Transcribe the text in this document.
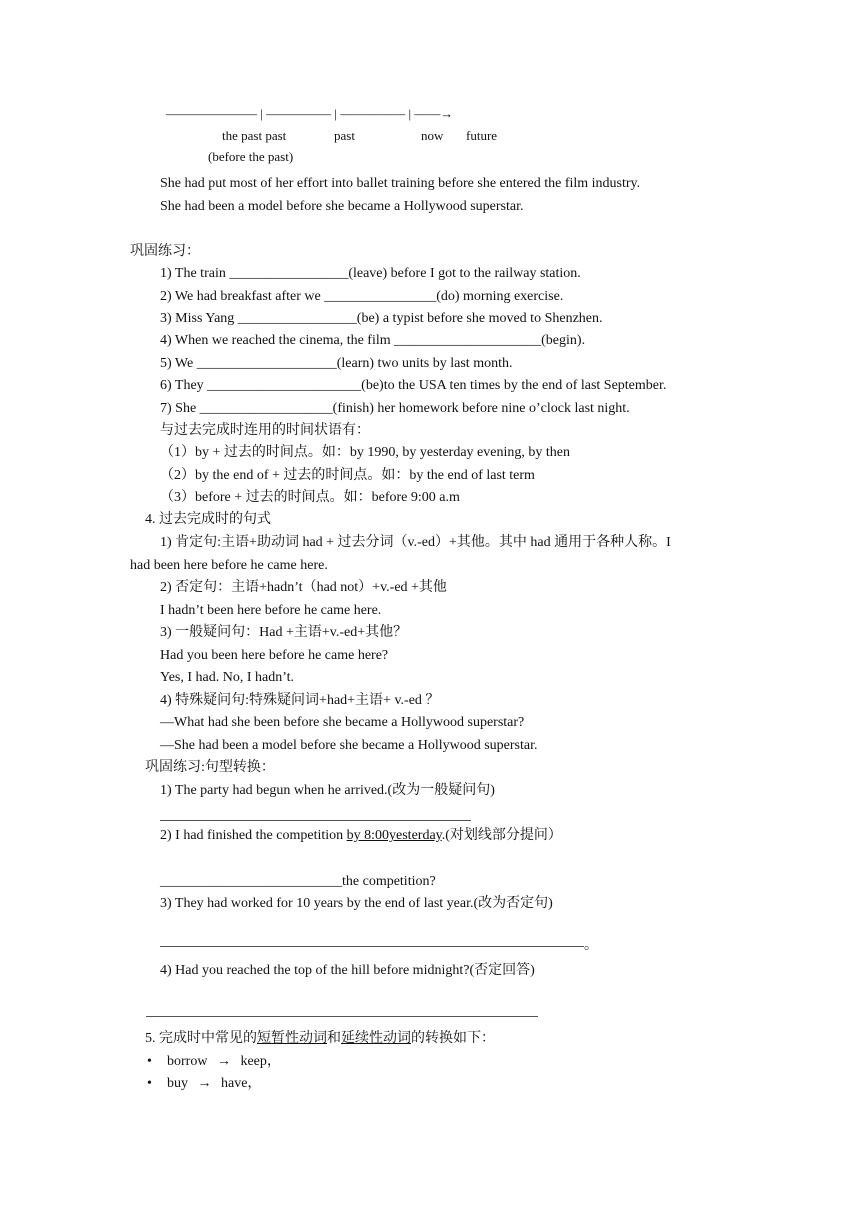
——————— | ————— | ————— | ——→
the past past	past	now future
(before the past)
She had put most of her effort into ballet training before she entered the film industry.
She had been a model before she became a Hollywood superstar.
巩固练习：
1) The train _________________(leave) before I got to the railway station.
2) We had breakfast after we ________________(do) morning exercise.
3) Miss Yang _________________(be) a typist before she moved to Shenzhen.
4) When we reached the cinema, the film _____________________(begin).
5) We ____________________(learn) two units by last month.
6) They ______________________(be)to the USA ten times by the end of last September.
7) She ___________________(finish) her homework before nine o’clock last night.
与过去完成时连用的时间状语有：
（1）by + 过去的时间点。如：by 1990, by yesterday evening, by then
（2）by the end of + 过去的时间点。如：by the end of last term
（3）before + 过去的时间点。如：before 9:00 a.m
4. 过去完成时的句式
1) 肯定句:主语+助动词 had + 过去分词（v.-ed）+其他。其中 had 通用于各种人称。I
had been here before he came here.
2) 否定句：主语+hadn’t（had not）+v.-ed +其他
I hadn’t been here before he came here.
3) 一般疑问句：Had +主语+v.-ed+其他？
Had you been here before he came here?
Yes, I had. No, I hadn’t.
4) 特殊疑问句:特殊疑问词+had+主语+ v.-ed ？
—What had she been before she became a Hollywood superstar?
—She had been a model before she became a Hollywood superstar.
巩固练习:句型转换：
1) The party had begun when he arrived.(改为一般疑问句)
2) I had finished the competition by 8:00yesterday.(对划线部分提问）
__________________________the competition?
3) They had worked for 10 years by the end of last year.(改为否定句)
。
4) Had you reached the top of the hill before midnight?(否定回答)
5. 完成时中常见的短暂性动词和延续性动词的转换如下：
• borrow → keep，
• buy → have，
